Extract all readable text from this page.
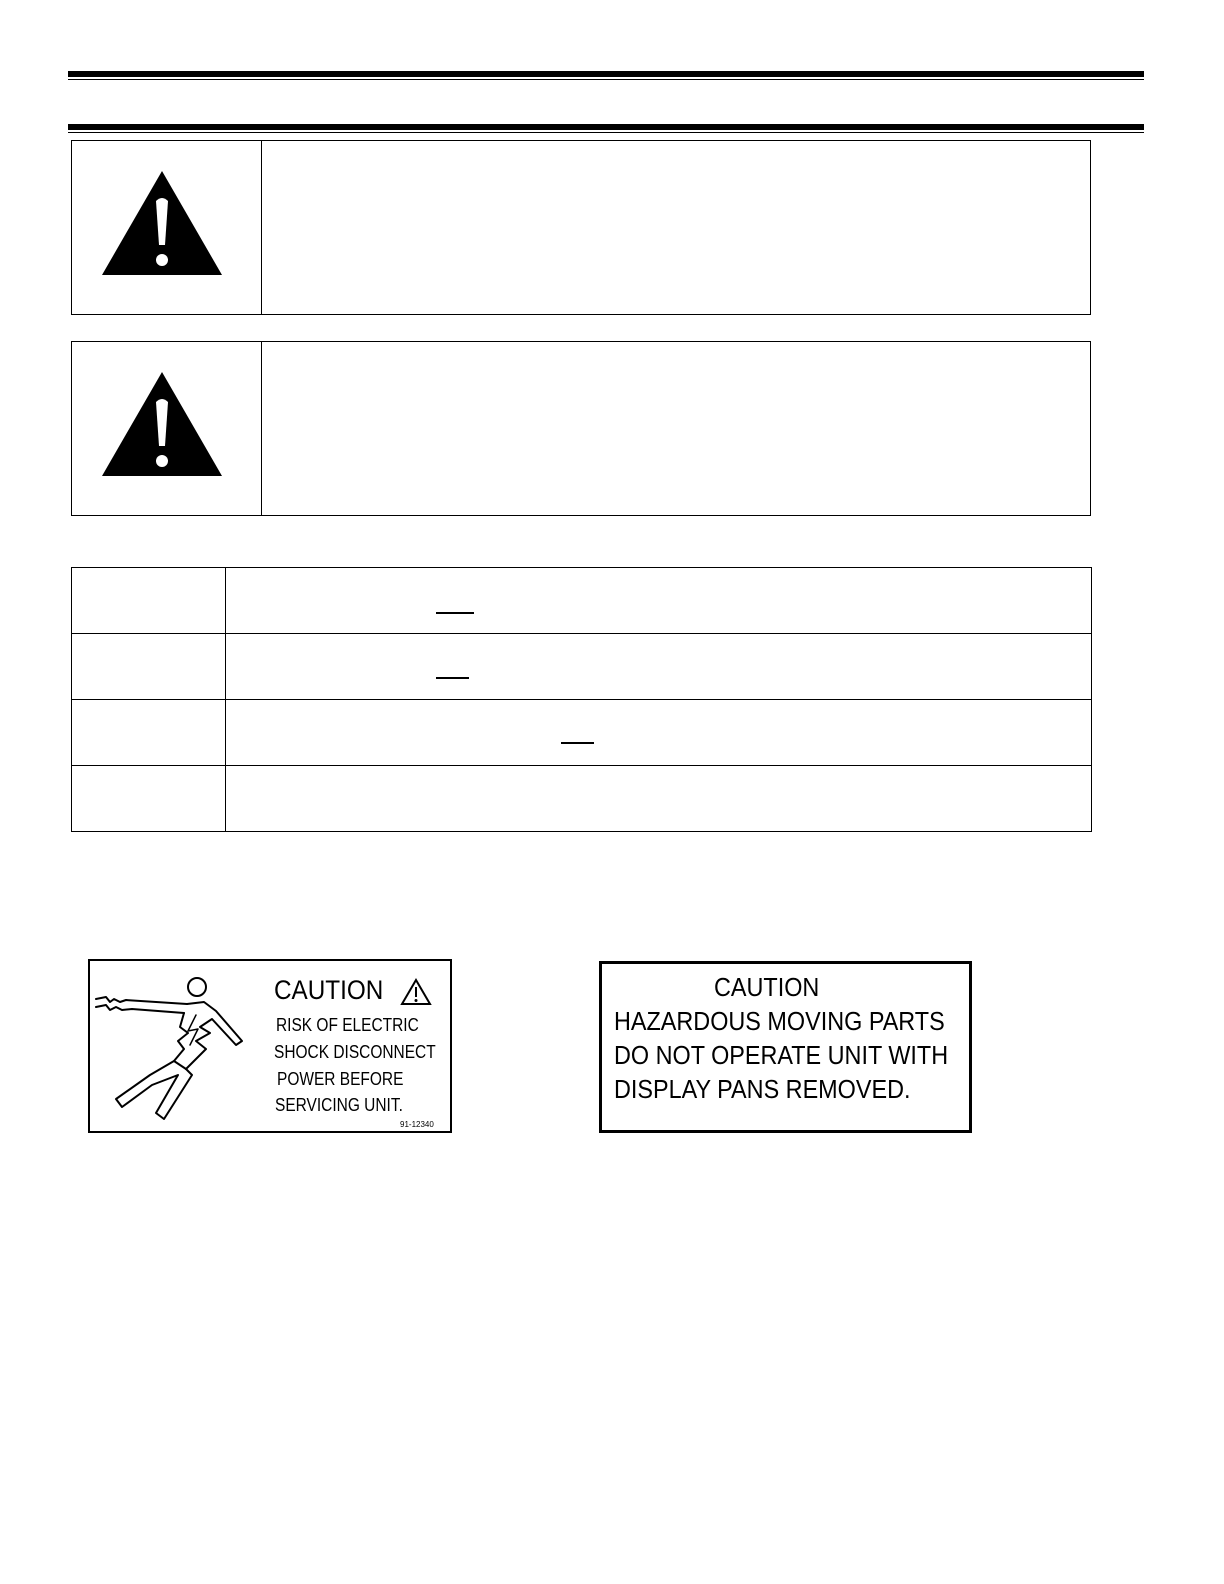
CAUTION
RISK OF ELECTRIC
SHOCK DISCONNECT
POWER BEFORE
SERVICING UNIT.
91-12340
CAUTION
HAZARDOUS MOVING PARTS
DO NOT OPERATE UNIT WITH
DISPLAY PANS REMOVED.
